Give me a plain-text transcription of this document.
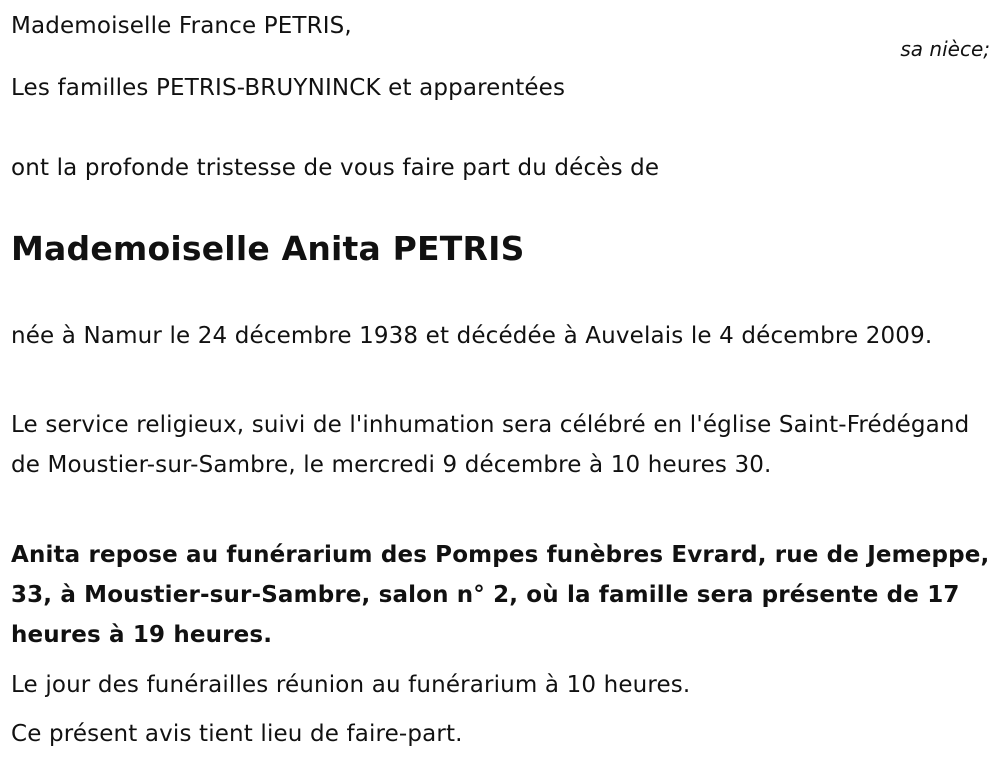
Mademoiselle France PETRIS,

sa nièce;

Les familles PETRIS-BRUYNINCK et apparentées

ont la profonde tristesse de vous faire part du décès de

Mademoiselle Anita PETRIS

née à Namur le 24 décembre 1938 et décédée à Auvelais le 4 décembre 2009.

Le service religieux, suivi de l'inhumation sera célébré en l'église Saint-Frédégand de Moustier-sur-Sambre, le mercredi 9 décembre à 10 heures 30.

Anita repose au funérarium des Pompes funèbres Evrard, rue de Jemeppe, 33, à Moustier-sur-Sambre, salon n° 2, où la famille sera présente de 17 heures à 19 heures.

Le jour des funérailles réunion au funérarium à 10 heures.

Ce présent avis tient lieu de faire-part.
